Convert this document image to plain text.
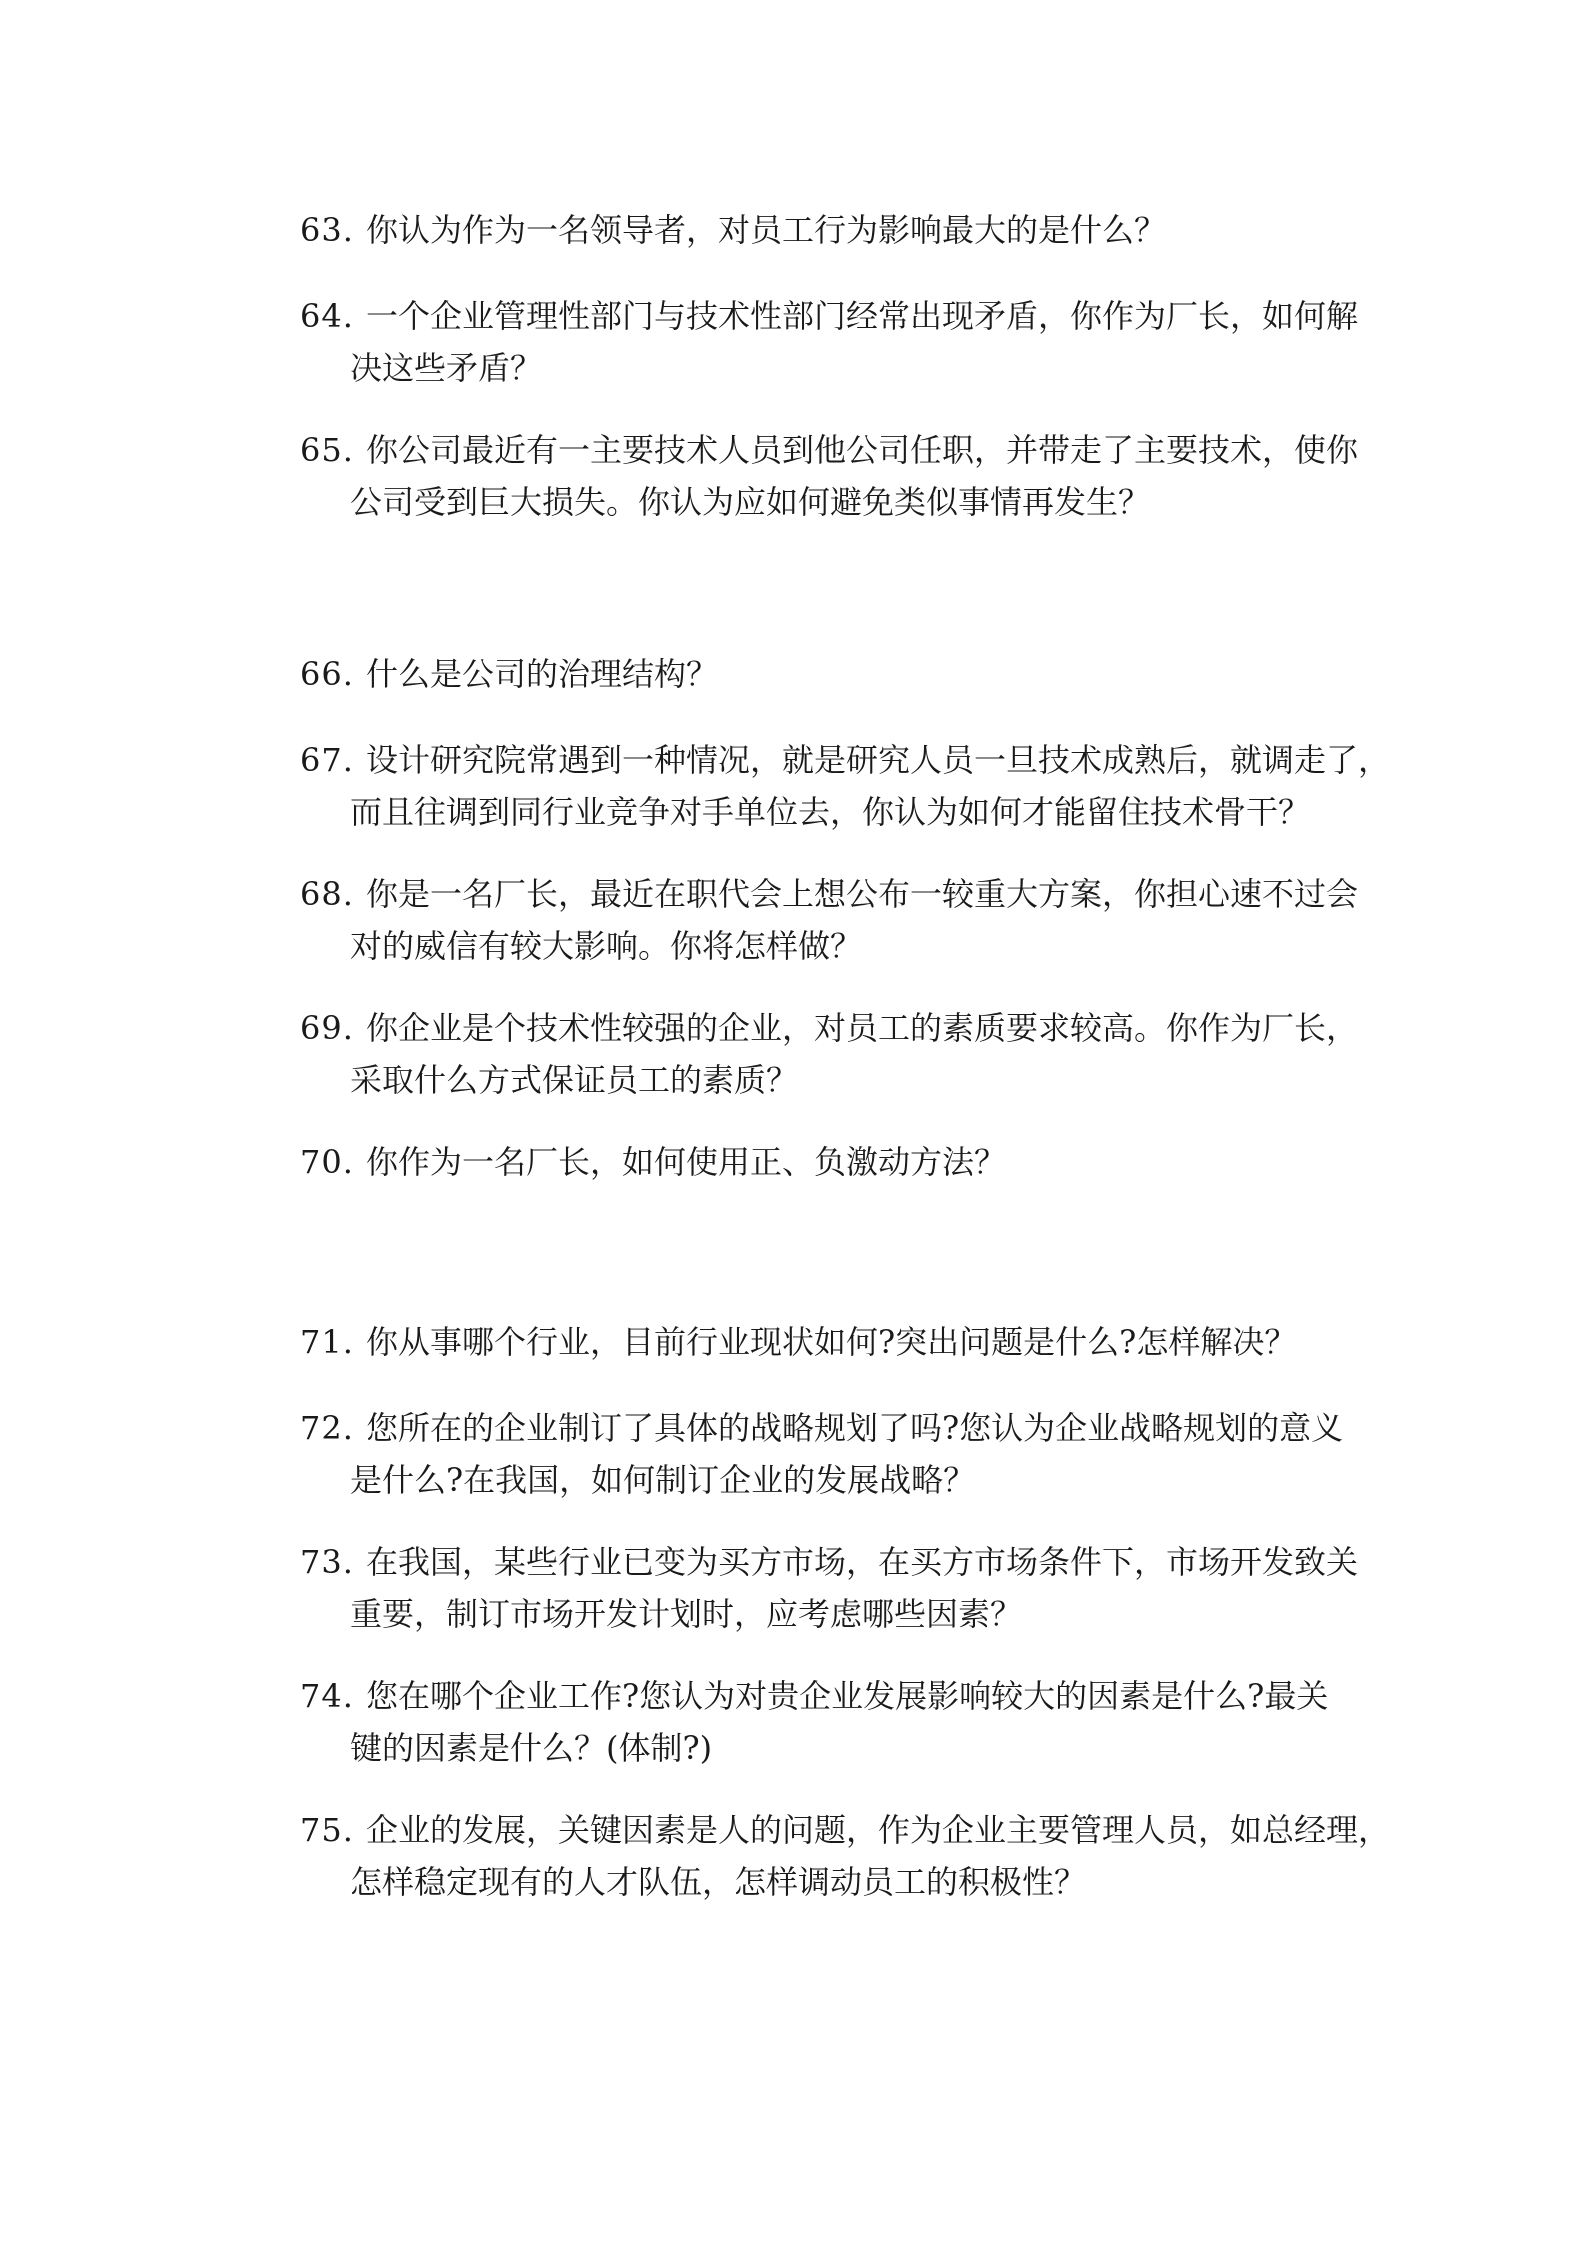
63. 你认为作为一名领导者，对员工行为影响最大的是什么？
64. 一个企业管理性部门与技术性部门经常出现矛盾，你作为厂长，如何解
决这些矛盾？
65. 你公司最近有一主要技术人员到他公司任职，并带走了主要技术，使你
公司受到巨大损失。你认为应如何避免类似事情再发生？
66. 什么是公司的治理结构？
67. 设计研究院常遇到一种情况，就是研究人员一旦技术成熟后，就调走了，
而且往调到同行业竞争对手单位去，你认为如何才能留住技术骨干？
68. 你是一名厂长，最近在职代会上想公布一较重大方案，你担心速不过会
对的威信有较大影响。你将怎样做？
69. 你企业是个技术性较强的企业，对员工的素质要求较高。你作为厂长，
采取什么方式保证员工的素质？
70. 你作为一名厂长，如何使用正、负激动方法？
71. 你从事哪个行业，目前行业现状如何?突出问题是什么?怎样解决？
72. 您所在的企业制订了具体的战略规划了吗?您认为企业战略规划的意义
是什么?在我国，如何制订企业的发展战略？
73. 在我国，某些行业已变为买方市场，在买方市场条件下，市场开发致关
重要，制订市场开发计划时，应考虑哪些因素？
74. 您在哪个企业工作?您认为对贵企业发展影响较大的因素是什么?最关
键的因素是什么？(体制?)
75. 企业的发展，关键因素是人的问题，作为企业主要管理人员，如总经理，
怎样稳定现有的人才队伍，怎样调动员工的积极性？
